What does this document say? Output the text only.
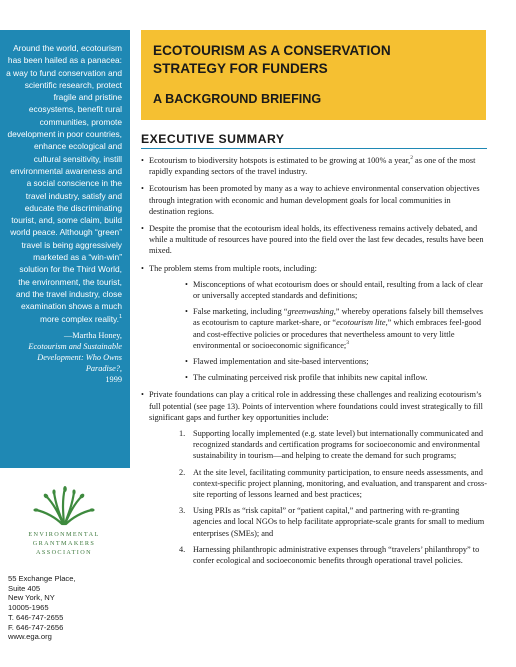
Around the world, ecotourism has been hailed as a panacea: a way to fund conservation and scientific research, protect fragile and pristine ecosystems, benefit rural communities, promote development in poor countries, enhance ecological and cultural sensitivity, instill environmental awareness and a social conscience in the travel industry, satisfy and educate the discriminating tourist, and, some claim, build world peace. Although “green” travel is being aggressively marketed as a “win-win” solution for the Third World, the environment, the tourist, and the travel industry, close examination shows a much more complex reality.$^1$

—Martha Honey,
Ecotourism and Sustainable Development: Who Owns Paradise?,
1999
ENVIRONMENTAL
GRANTMAKERS
ASSOCIATION
55 Exchange Place,
Suite 405
New York, NY
10005-1965
T. 646-747-2655
F. 646-747-2656
www.ega.org
ECOTOURISM AS A CONSERVATION
STRATEGY FOR FUNDERS
A BACKGROUND BRIEFING
EXECUTIVE SUMMARY
• Ecotourism to biodiversity hotspots is estimated to be growing at 100% a year,$^2$ as one of the most rapidly expanding sectors of the travel industry.
• Ecotourism has been promoted by many as a way to achieve environmental conservation objectives through integration with economic and human development goals for local communities in destination regions.
• Despite the promise that the ecotourism ideal holds, its effectiveness remains actively debated, and while a multitude of resources have poured into the field over the last few decades, results have been mixed.
• The problem stems from multiple roots, including:
• Misconceptions of what ecotourism does or should entail, resulting from a lack of clear or universally accepted standards and definitions;
• False marketing, including “greenwashing,” whereby operations falsely bill themselves as ecotourism to capture market-share, or “ecotourism lite,” which embraces feel-good and cost-effective policies or procedures that nevertheless amount to very little environmental or socioeconomic significance;$^3$
• Flawed implementation and site-based interventions;
• The culminating perceived risk profile that inhibits new capital inflow.
• Private foundations can play a critical role in addressing these challenges and realizing ecotourism’s full potential (see page 13). Points of intervention where foundations could invest strategically to fill significant gaps and further key opportunities include:
1. Supporting locally implemented (e.g. state level) but internationally communicated and recognized standards and certification programs for socioeconomic and environmental sustainability in tourism—and helping to create the demand for such programs;
2. At the site level, facilitating community participation, to ensure needs assessments, and context-specific project planning, monitoring, and evaluation, and transparent and cross-site reporting of lessons learned and best practices;
3. Using PRIs as “risk capital” or “patient capital,” and partnering with re-granting agencies and local NGOs to help facilitate appropriate-scale grants for small to medium enterprises (SMEs); and
4. Harnessing philanthropic administrative expenses through “travelers’ philanthropy” to confer ecological and socioeconomic benefits through operational travel policies.
